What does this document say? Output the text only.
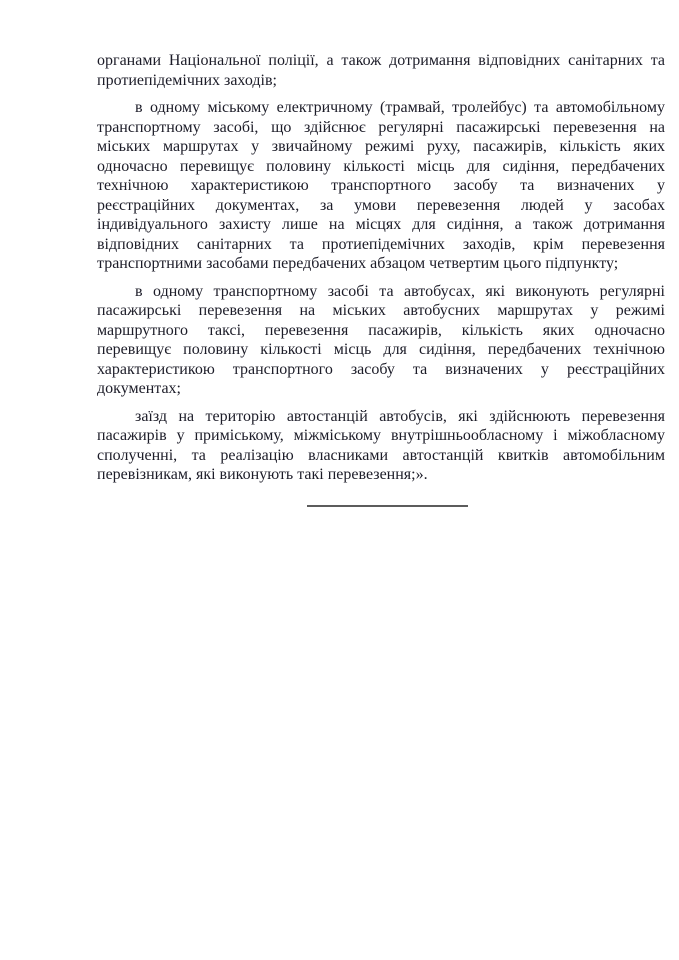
органами Національної поліції, а також дотримання відповідних санітарних та
протиепідемічних заходів;
в одному міському електричному (трамвай, тролейбус) та автомобільному
транспортному засобі, що здійснює регулярні пасажирські перевезення на
міських маршрутах у звичайному режимі руху, пасажирів, кількість яких
одночасно перевищує половину кількості місць для сидіння, передбачених
технічною характеристикою транспортного засобу та визначених у
реєстраційних документах, за умови перевезення людей у засобах
індивідуального захисту лише на місцях для сидіння, а також дотримання
відповідних санітарних та протиепідемічних заходів, крім перевезення
транспортними засобами передбачених абзацом четвертим цього підпункту;
в одному транспортному засобі та автобусах, які виконують регулярні
пасажирські перевезення на міських автобусних маршрутах у режимі
маршрутного таксі, перевезення пасажирів, кількість яких одночасно
перевищує половину кількості місць для сидіння, передбачених технічною
характеристикою транспортного засобу та визначених у реєстраційних
документах;
заїзд на територію автостанцій автобусів, які здійснюють перевезення
пасажирів у приміському, міжміському внутрішньообласному і міжобласному
сполученні, та реалізацію власниками автостанцій квитків автомобільним
перевізникам, які виконують такі перевезення;».
